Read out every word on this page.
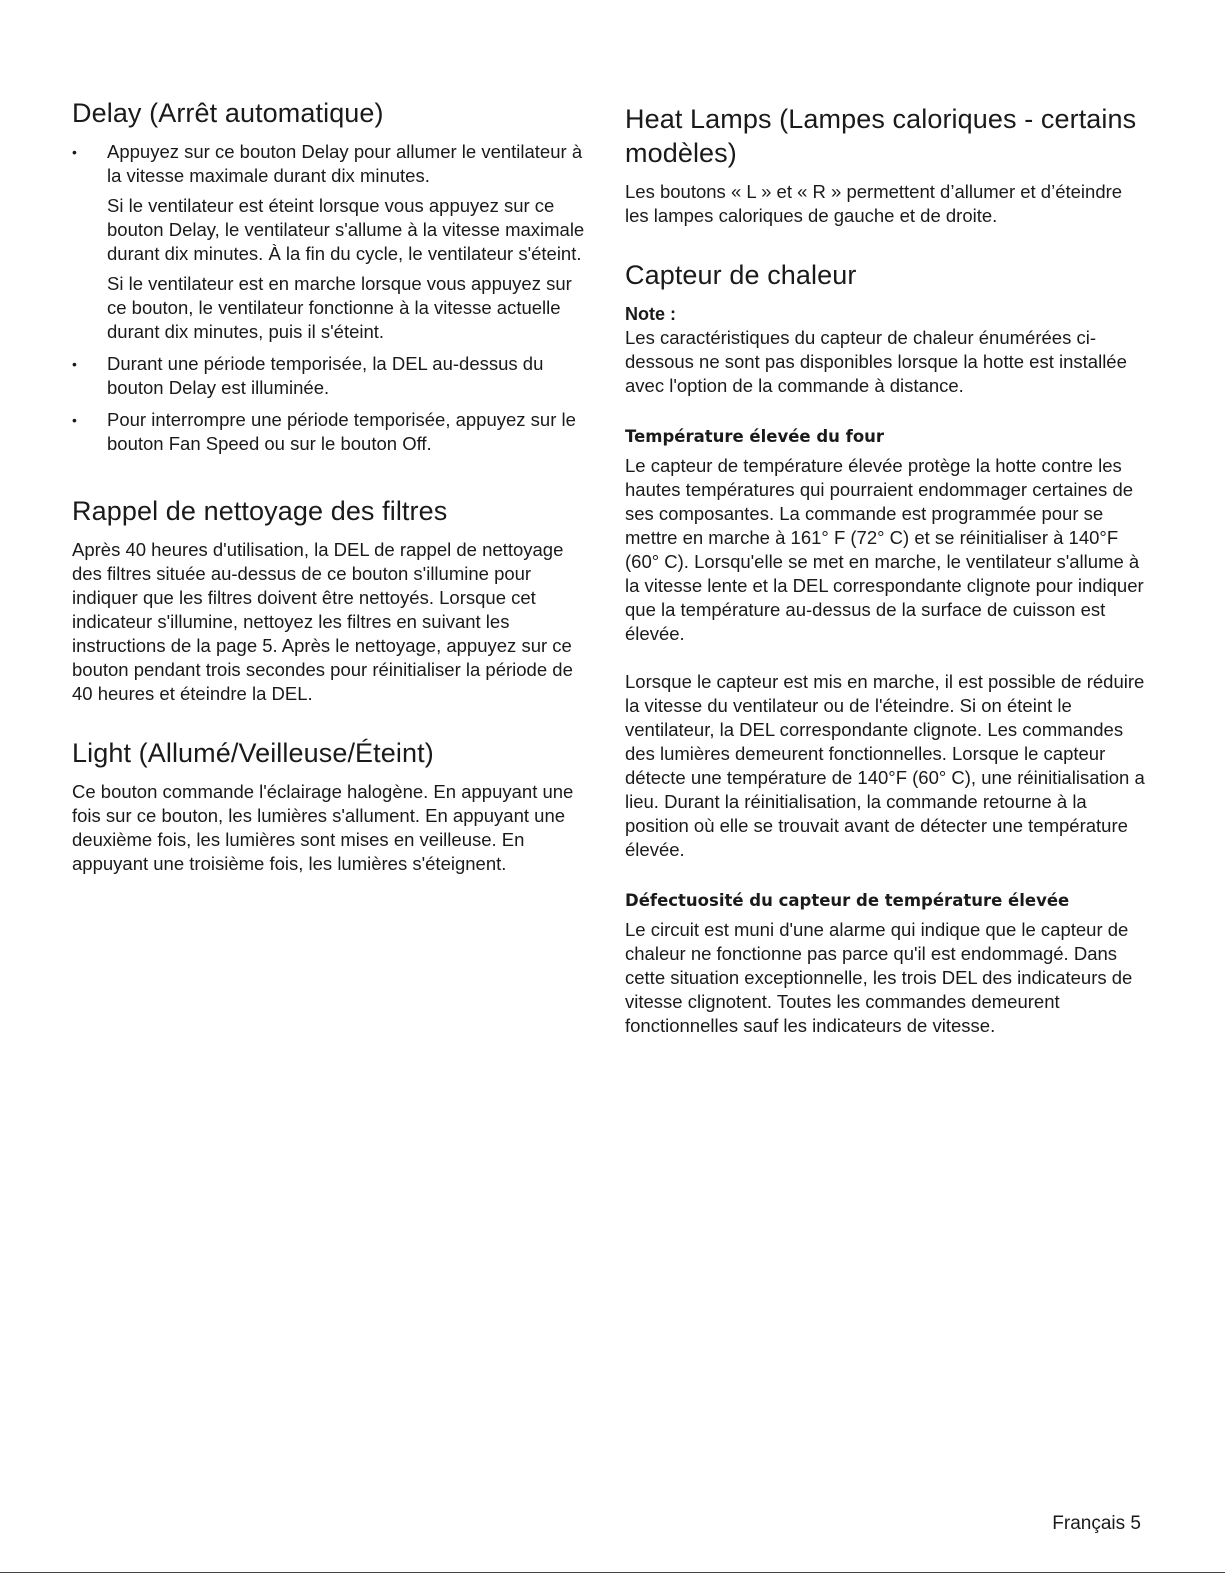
Delay (Arrêt automatique)

• Appuyez sur ce bouton Delay pour allumer le ventilateur à la vitesse maximale durant dix minutes.

Si le ventilateur est éteint lorsque vous appuyez sur ce bouton Delay, le ventilateur s'allume à la vitesse maximale durant dix minutes. À la fin du cycle, le ventilateur s'éteint.

Si le ventilateur est en marche lorsque vous appuyez sur ce bouton, le ventilateur fonctionne à la vitesse actuelle durant dix minutes, puis il s'éteint.

• Durant une période temporisée, la DEL au-dessus du bouton Delay est illuminée.
• Pour interrompre une période temporisée, appuyez sur le bouton Fan Speed ou sur le bouton Off.
Rappel de nettoyage des filtres

Après 40 heures d'utilisation, la DEL de rappel de nettoyage des filtres située au-dessus de ce bouton s'illumine pour indiquer que les filtres doivent être nettoyés. Lorsque cet indicateur s'illumine, nettoyez les filtres en suivant les instructions de la page 5. Après le nettoyage, appuyez sur ce bouton pendant trois secondes pour réinitialiser la période de 40 heures et éteindre la DEL.

Light (Allumé/Veilleuse/Éteint)

Ce bouton commande l'éclairage halogène. En appuyant une fois sur ce bouton, les lumières s'allument. En appuyant une deuxième fois, les lumières sont mises en veilleuse. En appuyant une troisième fois, les lumières s'éteignent.

Heat Lamps (Lampes caloriques - certains modèles)

Les boutons « L » et « R » permettent d’allumer et d’éteindre les lampes caloriques de gauche et de droite.

Capteur de chaleur
Note :

Les caractéristiques du capteur de chaleur énumérées ci-dessous ne sont pas disponibles lorsque la hotte est installée avec l'option de la commande à distance.

Température élevée du four

Le capteur de température élevée protège la hotte contre les hautes températures qui pourraient endommager certaines de ses composantes. La commande est programmée pour se mettre en marche à 161° F (72° C) et se réinitialiser à 140°F (60° C). Lorsqu'elle se met en marche, le ventilateur s'allume à la vitesse lente et la DEL correspondante clignote pour indiquer que la température au-dessus de la surface de cuisson est élevée.

Lorsque le capteur est mis en marche, il est possible de réduire la vitesse du ventilateur ou de l'éteindre. Si on éteint le ventilateur, la DEL correspondante clignote. Les commandes des lumières demeurent fonctionnelles. Lorsque le capteur détecte une température de 140°F (60° C), une réinitialisation a lieu. Durant la réinitialisation, la commande retourne à la position où elle se trouvait avant de détecter une température élevée.

Défectuosité du capteur de température élevée

Le circuit est muni d'une alarme qui indique que le capteur de chaleur ne fonctionne pas parce qu'il est endommagé. Dans cette situation exceptionnelle, les trois DEL des indicateurs de vitesse clignotent. Toutes les commandes demeurent fonctionnelles sauf les indicateurs de vitesse.

Français 5
